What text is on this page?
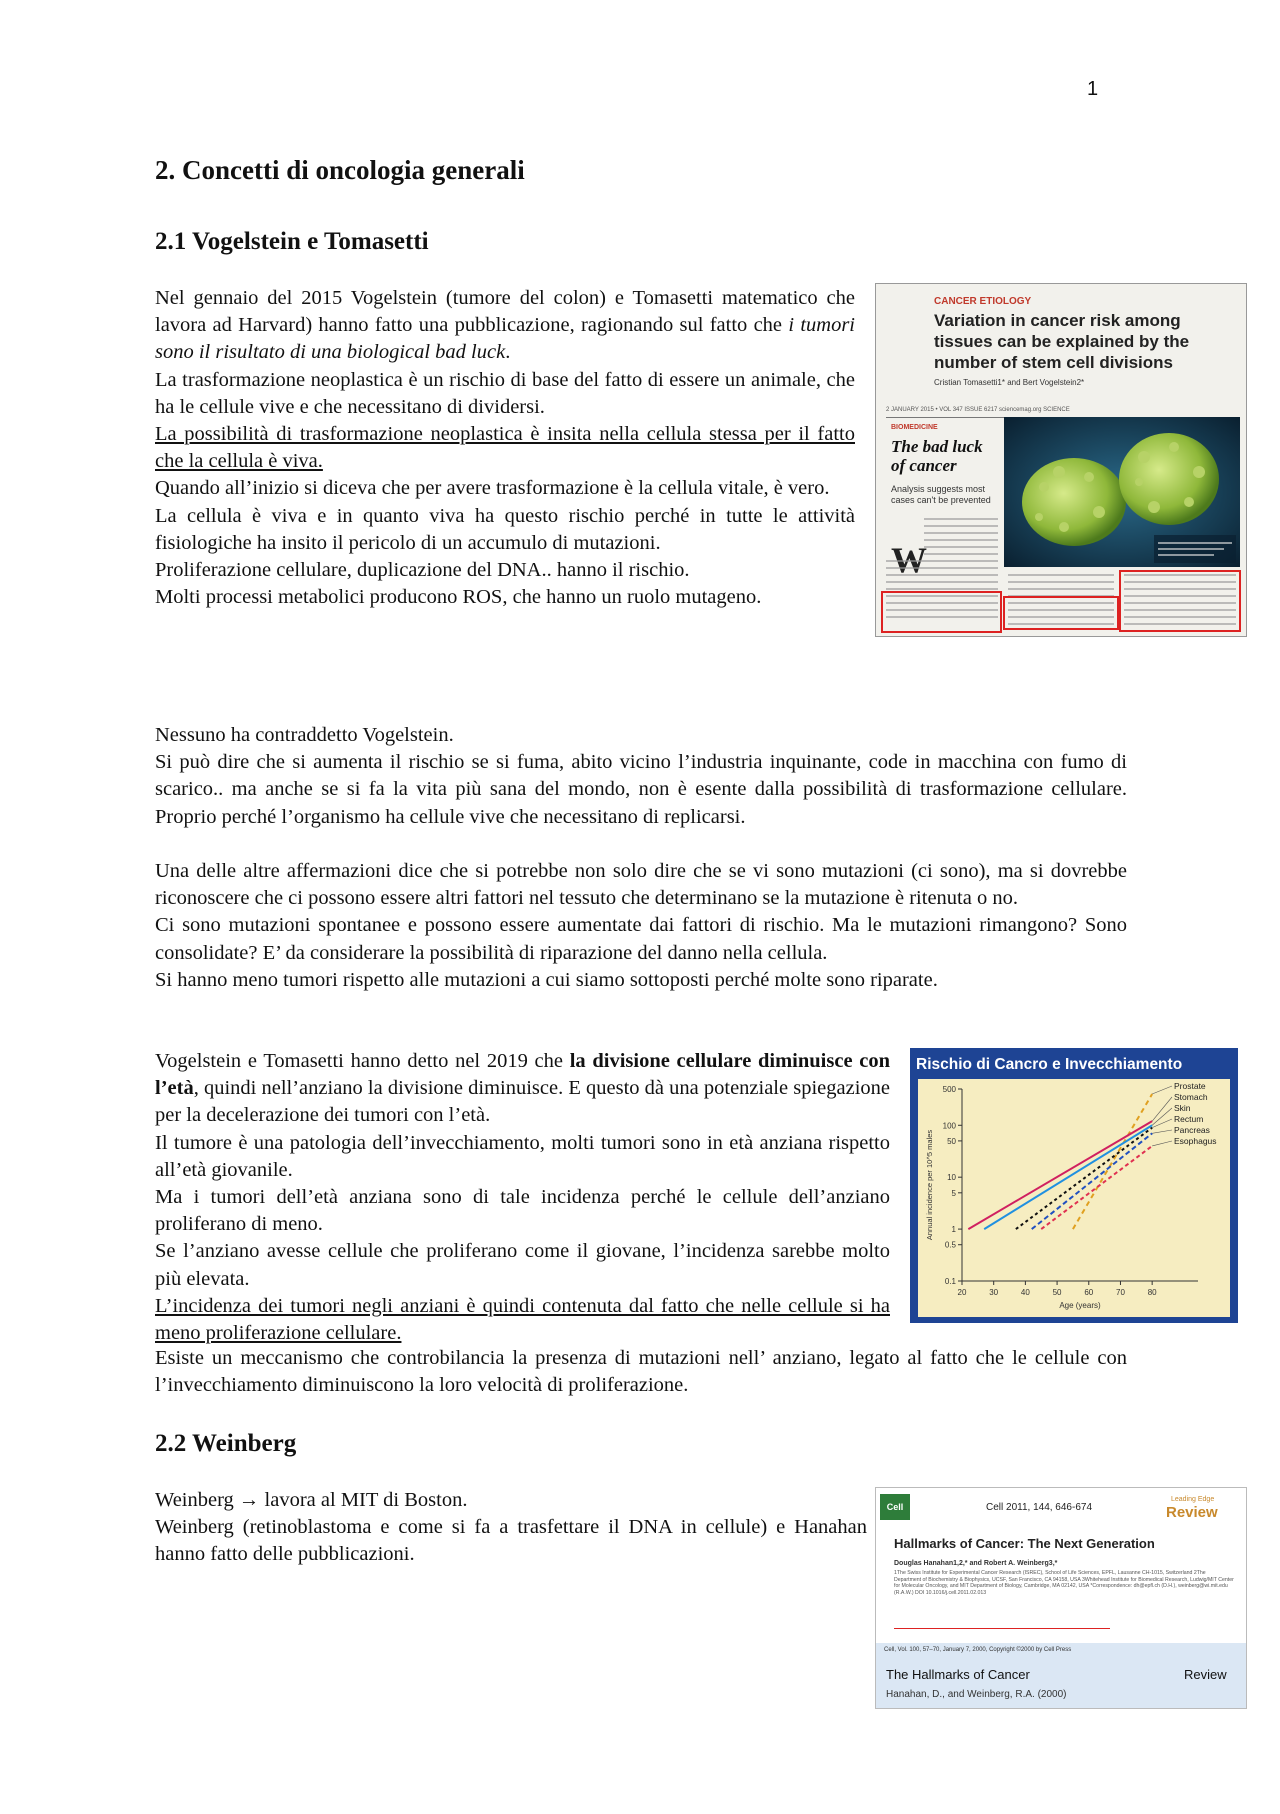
1
2. Concetti di oncologia generali
2.1 Vogelstein e Tomasetti

Nel gennaio del 2015 Vogelstein (tumore del colon) e Tomasetti matematico che lavora ad Harvard) hanno fatto una pubblicazione, ragionando sul fatto che i tumori sono il risultato di una biological bad luck.

La trasformazione neoplastica è un rischio di base del fatto di essere un animale, che ha le cellule vive e che necessitano di dividersi.

La possibilità di trasformazione neoplastica è insita nella cellula stessa per il fatto che la cellula è viva.

Quando all’inizio si diceva che per avere trasformazione è la cellula vitale, è vero.

La cellula è viva e in quanto viva ha questo rischio perché in tutte le attività fisiologiche ha insito il pericolo di un accumulo di mutazioni.

Proliferazione cellulare, duplicazione del DNA.. hanno il rischio.

Molti processi metabolici producono ROS, che hanno un ruolo mutageno.

Nessuno ha contraddetto Vogelstein.

Si può dire che si aumenta il rischio se si fuma, abito vicino l’industria inquinante, code in macchina con fumo di scarico.. ma anche se si fa la vita più sana del mondo, non è esente dalla possibilità di trasformazione cellulare. Proprio perché l’organismo ha cellule vive che necessitano di replicarsi.

Una delle altre affermazioni dice che si potrebbe non solo dire che se vi sono mutazioni (ci sono), ma si dovrebbe riconoscere che ci possono essere altri fattori nel tessuto che determinano se la mutazione è ritenuta o no.

Ci sono mutazioni spontanee e possono essere aumentate dai fattori di rischio. Ma le mutazioni rimangono? Sono consolidate? E’ da considerare la possibilità di riparazione del danno nella cellula.

Si hanno meno tumori rispetto alle mutazioni a cui siamo sottoposti perché molte sono riparate.

Vogelstein e Tomasetti hanno detto nel 2019 che la divisione cellulare diminuisce con l’età, quindi nell’anziano la divisione diminuisce. E questo dà una potenziale spiegazione per la decelerazione dei tumori con l’età.

Il tumore è una patologia dell’invecchiamento, molti tumori sono in età anziana rispetto all’età giovanile.

Ma i tumori dell’età anziana sono di tale incidenza perché le cellule dell’anziano proliferano di meno.

Se l’anziano avesse cellule che proliferano come il giovane, l’incidenza sarebbe molto più elevata.

L’incidenza dei tumori negli anziani è quindi contenuta dal fatto che nelle cellule si ha meno proliferazione cellulare.

Esiste un meccanismo che controbilancia la presenza di mutazioni nell’ anziano, legato al fatto che le cellule con l’invecchiamento diminuiscono la loro velocità di proliferazione.

2.2 Weinberg

Weinberg → lavora al MIT di Boston.

Weinberg (retinoblastoma e come si fa a trasfettare il DNA in cellule) e Hanahan hanno fatto delle pubblicazioni.

CANCER ETIOLOGY
Variation in cancer risk among tissues can be explained by the number of stem cell divisions
Cristian Tomasetti1* and Bert Vogelstein2*
2 JANUARY 2015 • VOL 347 ISSUE 6217 sciencemag.org SCIENCE
BIOMEDICINE
The bad luck of cancer
Analysis suggests most cases can't be prevented
W
Rischio di Cancro e Invecchiamento
0.1
0.5
1
5
10
50
100
500
20	30	40	50	60	70	80
Age (years)
Annual incidence per 10^5 males
Prostate
Stomach
Skin
Rectum
Pancreas
Esophagus
Cell	Cell 2011, 144, 646-674
Leading Edge
Review
Hallmarks of Cancer: The Next Generation
Douglas Hanahan1,2,* and Robert A. Weinberg3,*
1The Swiss Institute for Experimental Cancer Research (ISREC), School of Life Sciences, EPFL, Lausanne CH-1015, Switzerland 2The Department of Biochemistry & Biophysics, UCSF, San Francisco, CA 94158, USA 3Whitehead Institute for Biomedical Research, Ludwig/MIT Center for Molecular Oncology, and MIT Department of Biology, Cambridge, MA 02142, USA *Correspondence: dh@epfl.ch (D.H.), weinberg@wi.mit.edu (R.A.W.) DOI 10.1016/j.cell.2011.02.013
Cell, Vol. 100, 57–70, January 7, 2000, Copyright ©2000 by Cell Press
The Hallmarks of Cancer	Review
Hanahan, D., and Weinberg, R.A. (2000)
